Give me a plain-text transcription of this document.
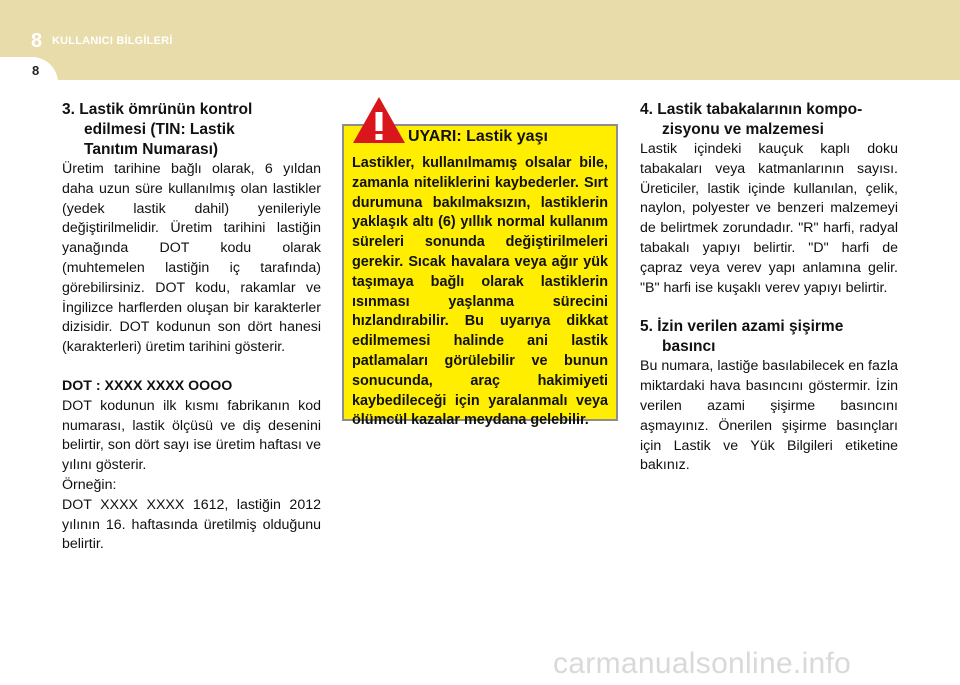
8 KULLANICI BİLGİLERİ
8
3. Lastik ömrünün kontrol
edilmesi (TIN: Lastik
Tanıtım Numarası)

Üretim tarihine bağlı olarak, 6 yıldan daha uzun süre kullanılmış olan lastikler (yedek lastik dahil) yenileriyle değiştirilmelidir. Üretim tarihini lastiğin yanağında DOT kodu olarak (muhtemelen lastiğin iç tarafında) görebilirsiniz. DOT kodu, rakamlar ve İngilizce harflerden oluşan bir karakterler dizisidir. DOT kodunun son dört hanesi (karakterleri) üretim tarihini gösterir.

DOT : XXXX XXXX OOOO

DOT kodunun ilk kısmı fabrikanın kod numarası, lastik ölçüsü ve diş desenini belirtir, son dört sayı ise üretim haftası ve yılını gösterir.

Örneğin:

DOT XXXX XXXX 1612, lastiğin 2012 yılının 16. haftasında üretilmiş olduğunu belirtir.

UYARI: Lastik yaşı
Lastikler, kullanılmamış olsalar bile, zamanla niteliklerini kaybederler. Sırt durumuna bakılmaksızın, lastiklerin yaklaşık altı (6) yıllık normal kullanım süreleri sonunda değiştirilmeleri gerekir. Sıcak havalara veya ağır yük taşımaya bağlı olarak lastiklerin ısınması yaşlanma sürecini hızlandırabilir. Bu uyarıya dikkat edilmemesi halinde ani lastik patlamaları görülebilir ve bunun sonucunda, araç hakimiyeti kaybedileceği için yaralanmalı veya ölümcül kazalar meydana gelebilir.
4. Lastik tabakalarının kompo-
zisyonu ve malzemesi

Lastik içindeki kauçuk kaplı doku tabakaları veya katmanlarının sayısı. Üreticiler, lastik içinde kullanılan, çelik, naylon, polyester ve benzeri malzemeyi de belirtmek zorundadır. "R" harfi, radyal tabakalı yapıyı belirtir. "D" harfi de çapraz veya verev yapı anlamına gelir. "B" harfi ise kuşaklı verev yapıyı belirtir.

5. İzin verilen azami şişirme
basıncı

Bu numara, lastiğe basılabilecek en fazla miktardaki hava basıncını göstermir. İzin verilen azami şişirme basıncını aşmayınız. Önerilen şişirme basınçları için Lastik ve Yük Bilgileri etiketine bakınız.

carmanualsonline.info
